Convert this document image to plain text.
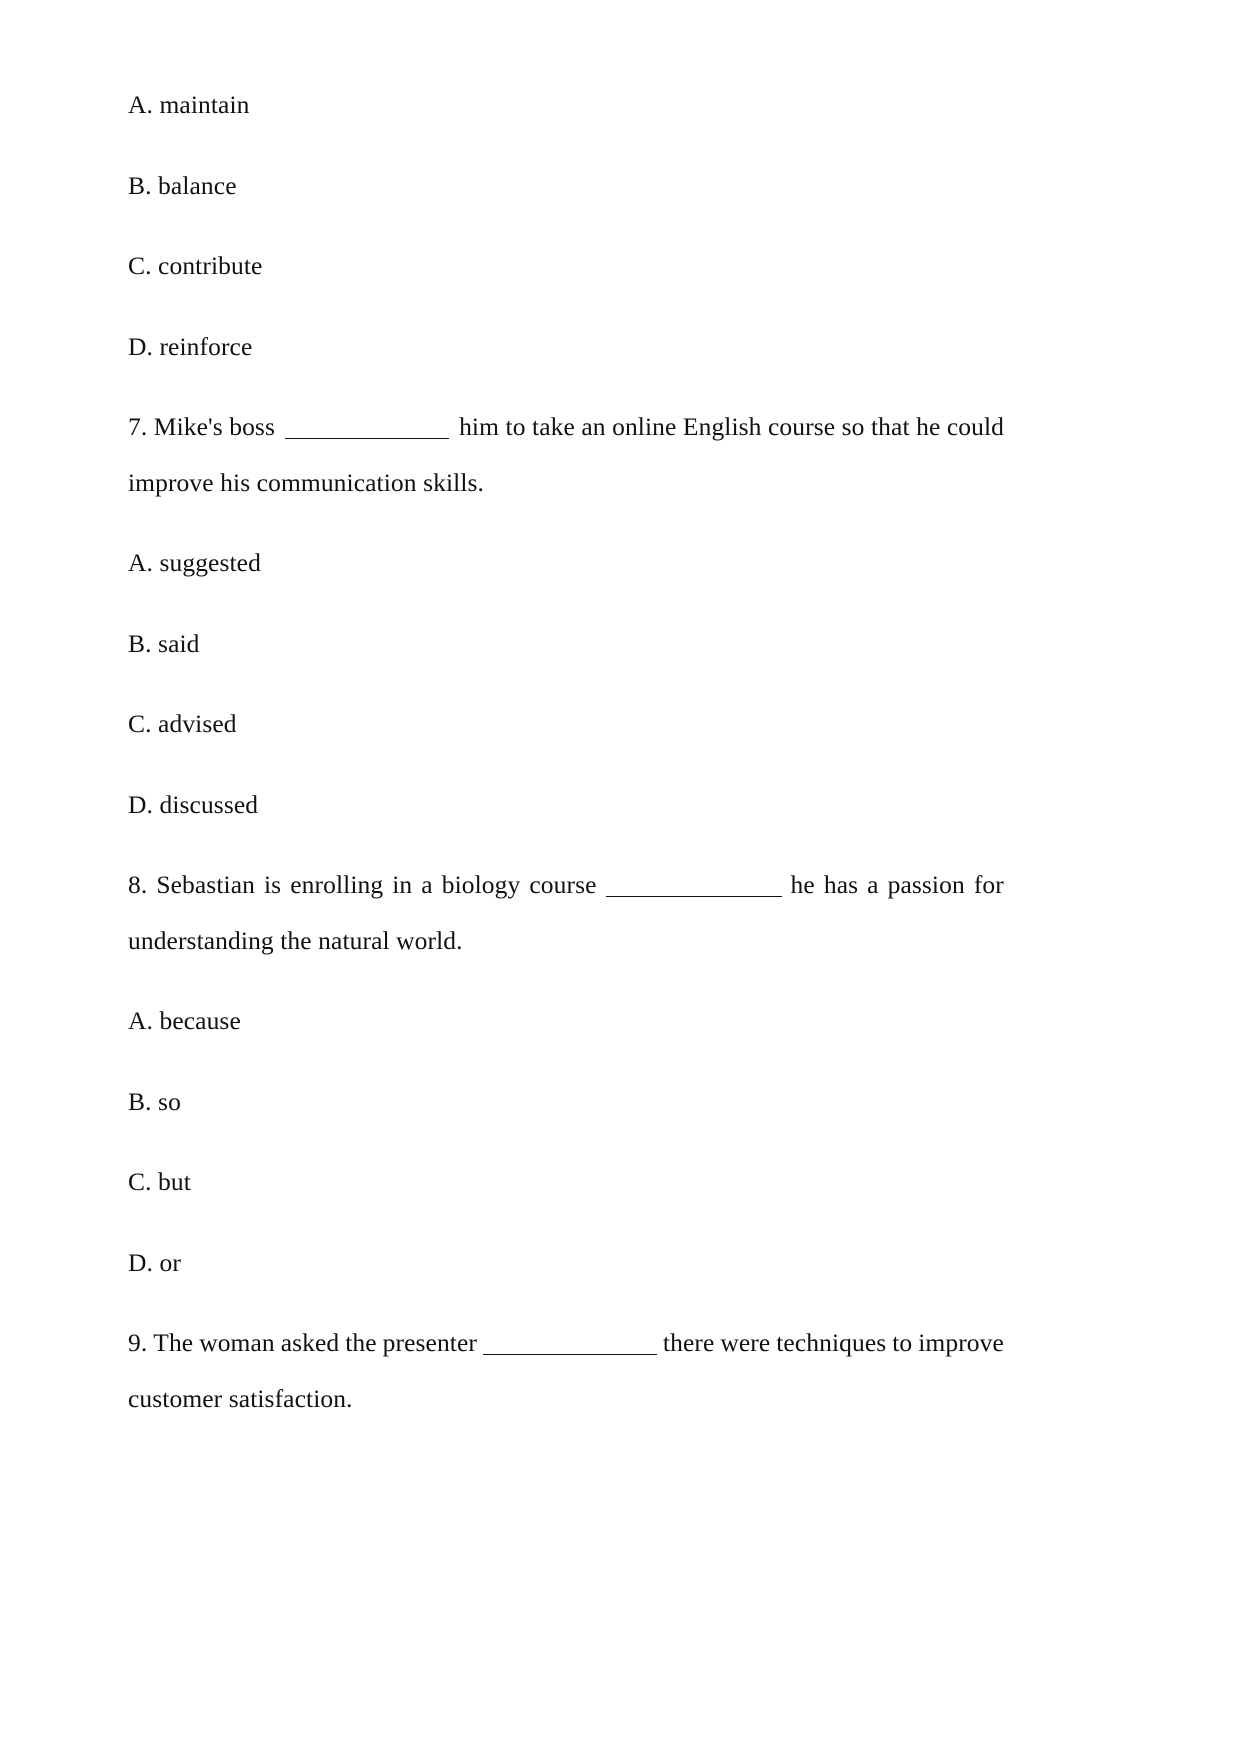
A. maintain

B. balance

C. contribute

D. reinforce

7. Mike's boss	him to take an online English course so that he could
improve his communication skills.

A. suggested

B. said

C. advised

D. discussed

8. Sebastian is enrolling in a biology course	he has a passion for
understanding the natural world.

A. because

B. so

C. but

D. or

9. The woman asked the presenter	there were techniques to improve
customer satisfaction.
